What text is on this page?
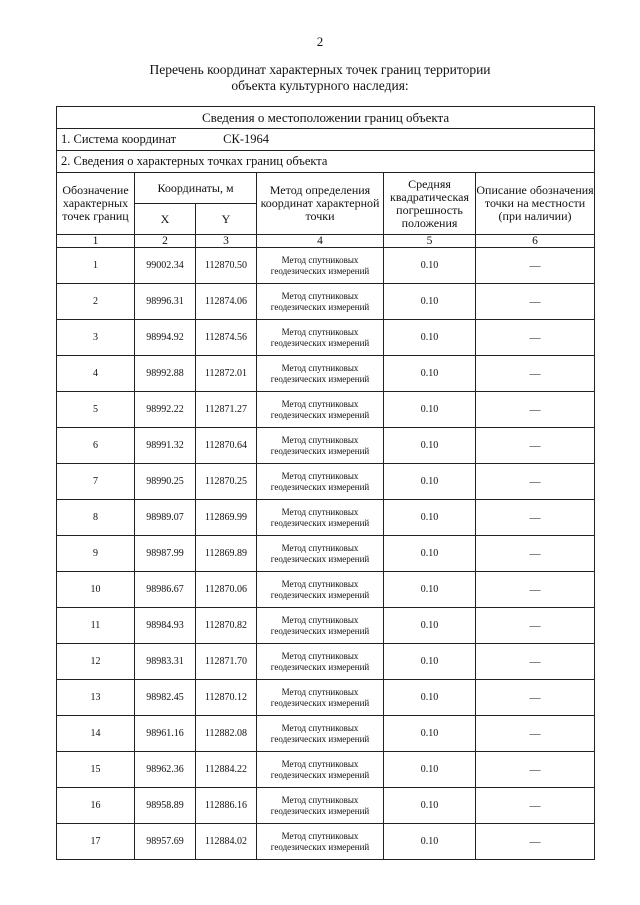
2
Перечень координат характерных точек границ территории
объекта культурного наследия:
Сведения о местоположении границ объекта					
1. Система координат СК-1964					
2. Сведения о характерных точках границ объекта					
Обозначение характерных точек границ	Координаты, м		Метод определения координат характерной точки	Средняя квадратическая погрешность положения	Описание обозначения точки на местности (при наличии)
	X	Y			
1	2	3	4	5	6
1	99002.34	112870.50	Метод спутниковых геодезических измерений	0.10	—
2	98996.31	112874.06	Метод спутниковых геодезических измерений	0.10	—
3	98994.92	112874.56	Метод спутниковых геодезических измерений	0.10	—
4	98992.88	112872.01	Метод спутниковых геодезических измерений	0.10	—
5	98992.22	112871.27	Метод спутниковых геодезических измерений	0.10	—
6	98991.32	112870.64	Метод спутниковых геодезических измерений	0.10	—
7	98990.25	112870.25	Метод спутниковых геодезических измерений	0.10	—
8	98989.07	112869.99	Метод спутниковых геодезических измерений	0.10	—
9	98987.99	112869.89	Метод спутниковых геодезических измерений	0.10	—
10	98986.67	112870.06	Метод спутниковых геодезических измерений	0.10	—
11	98984.93	112870.82	Метод спутниковых геодезических измерений	0.10	—
12	98983.31	112871.70	Метод спутниковых геодезических измерений	0.10	—
13	98982.45	112870.12	Метод спутниковых геодезических измерений	0.10	—
14	98961.16	112882.08	Метод спутниковых геодезических измерений	0.10	—
15	98962.36	112884.22	Метод спутниковых геодезических измерений	0.10	—
16	98958.89	112886.16	Метод спутниковых геодезических измерений	0.10	—
17	98957.69	112884.02	Метод спутниковых геодезических измерений	0.10	—
